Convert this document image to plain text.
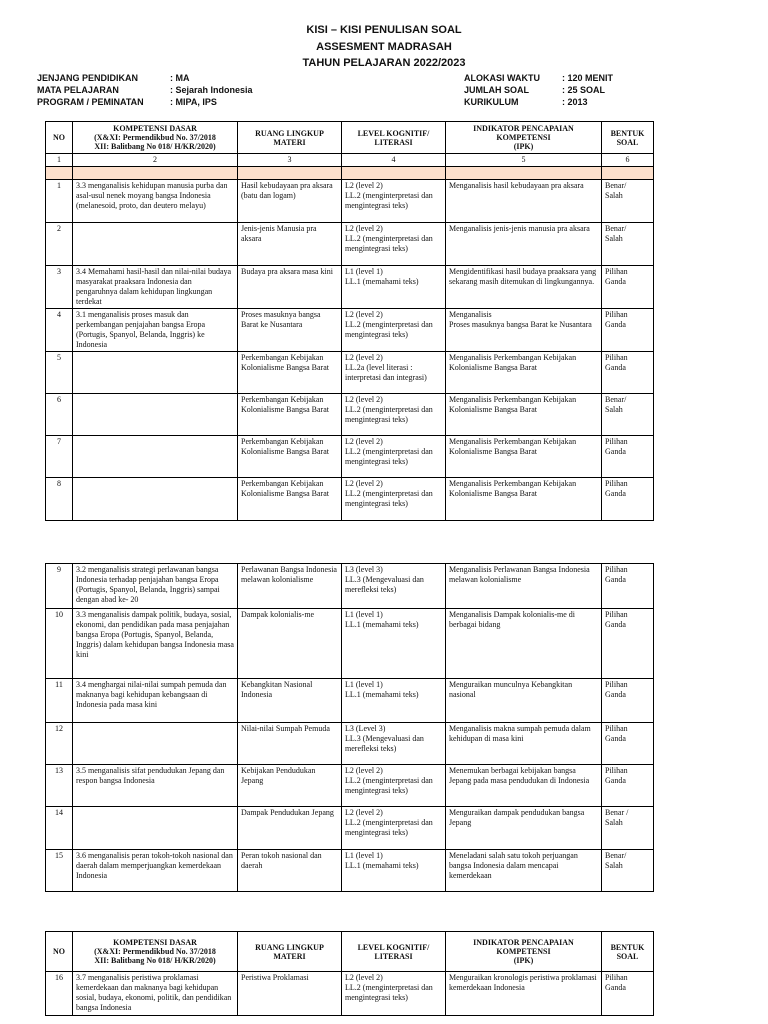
KISI – KISI PENULISAN SOAL
ASSESMENT MADRASAH
TAHUN PELAJARAN 2022/2023
JENJANG PENDIDIKAN	: MA
MATA PELAJARAN	: Sejarah Indonesia
PROGRAM / PEMINATAN	: MIPA, IPS
ALOKASI WAKTU : 120 MENIT
JUMLAH SOAL	: 25 SOAL
KURIKULUM	: 2013
NO	KOMPETENSI DASAR
(X&XI: Permendikbud No. 37/2018
XII: Balitbang No 018/ H/KR/2020)	RUANG LINGKUP
MATERI	LEVEL KOGNITIF/
LITERASI	INDIKATOR PENCAPAIAN
KOMPETENSI
(IPK)	BENTUK
SOAL
1	2	3	4	5	6

1	3.3 menganalisis kehidupan manusia purba dan asal-usul nenek moyang bangsa Indonesia (melanesoid, proto, dan deutero melayu)	Hasil kebudayaan pra aksara (batu dan logam)	L2 (level 2)
LL.2 (menginterpretasi dan mengintegrasi teks)	Menganalisis hasil kebudayaan pra aksara	Benar/
Salah
2		Jenis-jenis Manusia pra aksara	L2 (level 2)
LL.2 (menginterpretasi dan mengintegrasi teks)	Menganalisis jenis-jenis manusia pra aksara	Benar/
Salah
3	3.4 Memahami hasil-hasil dan nilai-nilai budaya masyarakat praaksara Indonesia dan pengaruhnya dalam kehidupan lingkungan terdekat	Budaya pra aksara masa kini	L1 (level 1)
LL.1 (memahami teks)	Mengidentifikasi hasil budaya praaksara yang sekarang masih ditemukan di lingkungannya.	Pilihan
Ganda
4	3.1 menganalisis proses masuk dan perkembangan penjajahan bangsa Eropa (Portugis, Spanyol, Belanda, Inggris) ke Indonesia	Proses masuknya bangsa Barat ke Nusantara	L2 (level 2)
LL.2 (menginterpretasi dan mengintegrasi teks)	Menganalisis
Proses masuknya bangsa Barat ke Nusantara	Pilihan
Ganda
5		Perkembangan Kebijakan Kolonialisme Bangsa Barat	L2 (level 2)
LL.2a (level literasi : interpretasi dan integrasi)	Menganalisis Perkembangan Kebijakan Kolonialisme Bangsa Barat	Pilihan
Ganda
6		Perkembangan Kebijakan Kolonialisme Bangsa Barat	L2 (level 2)
LL.2 (menginterpretasi dan mengintegrasi teks)	Menganalisis Perkembangan Kebijakan Kolonialisme Bangsa Barat	Benar/
Salah
7		Perkembangan Kebijakan Kolonialisme Bangsa Barat	L2 (level 2)
LL.2 (menginterpretasi dan mengintegrasi teks)	Menganalisis Perkembangan Kebijakan Kolonialisme Bangsa Barat	Pilihan
Ganda
8		Perkembangan Kebijakan Kolonialisme Bangsa Barat	L2 (level 2)
LL.2 (menginterpretasi dan mengintegrasi teks)	Menganalisis Perkembangan Kebijakan Kolonialisme Bangsa Barat	Pilihan
Ganda
9	3.2 menganalisis strategi perlawanan bangsa Indonesia terhadap penjajahan bangsa Eropa (Portugis, Spanyol, Belanda, Inggris) sampai dengan abad ke- 20	Perlawanan Bangsa Indonesia melawan kolonialisme	L3 (level 3)
LL.3 (Mengevaluasi dan merefleksi teks)	Menganalisis Perlawanan Bangsa Indonesia melawan kolonialisme	Pilihan
Ganda
10	3.3 menganalisis dampak politik, budaya, sosial, ekonomi, dan pendidikan pada masa penjajahan bangsa Eropa (Portugis, Spanyol, Belanda, Inggris) dalam kehidupan bangsa Indonesia masa kini	Dampak kolonialis-me	L1 (level 1)
LL.1 (memahami teks)	Menganalisis Dampak kolonialis-me di berbagai bidang	Pilihan
Ganda
11	3.4 menghargai nilai-nilai sumpah pemuda dan maknanya bagi kehidupan kebangsaan di Indonesia pada masa kini	Kebangkitan Nasional Indonesia	L1 (level 1)
LL.1 (memahami teks)	Menguraikan munculnya Kebangkitan nasional	Pilihan
Ganda
12		Nilai-nilai Sumpah Pemuda	L3 (Level 3)
LL.3 (Mengevaluasi dan merefleksi teks)	Menganalisis makna sumpah pemuda dalam kehidupan di masa kini	Pilihan
Ganda
13	3.5 menganalisis sifat pendudukan Jepang dan respon bangsa Indonesia	Kebijakan Pendudukan Jepang	L2 (level 2)
LL.2 (menginterpretasi dan mengintegrasi teks)	Menemukan berbagai kebijakan bangsa Jepang pada masa pendudukan di Indonesia	Pilihan
Ganda
14		Dampak Pendudukan Jepang	L2 (level 2)
LL.2 (menginterpretasi dan mengintegrasi teks)	Menguraikan dampak pendudukan bangsa Jepang	Benar /
Salah
15	3.6 menganalisis peran tokoh-tokoh nasional dan daerah dalam memperjuangkan kemerdekaan Indonesia	Peran tokoh nasional dan daerah	L1 (level 1)
LL.1 (memahami teks)	Meneladani salah satu tokoh perjuangan bangsa Indonesia dalam mencapai kemerdekaan	Benar/
Salah
NO	KOMPETENSI DASAR
(X&XI: Permendikbud No. 37/2018
XII: Balitbang No 018/ H/KR/2020)	RUANG LINGKUP
MATERI	LEVEL KOGNITIF/
LITERASI	INDIKATOR PENCAPAIAN
KOMPETENSI
(IPK)	BENTUK
SOAL
16	3.7 menganalisis peristiwa proklamasi kemerdekaan dan maknanya bagi kehidupan sosial, budaya, ekonomi, politik, dan pendidikan bangsa Indonesia	Peristiwa Proklamasi	L2 (level 2)
LL.2 (menginterpretasi dan mengintegrasi teks)	Menguraikan kronologis peristiwa proklamasi kemerdekaan Indonesia	Pilihan
Ganda
